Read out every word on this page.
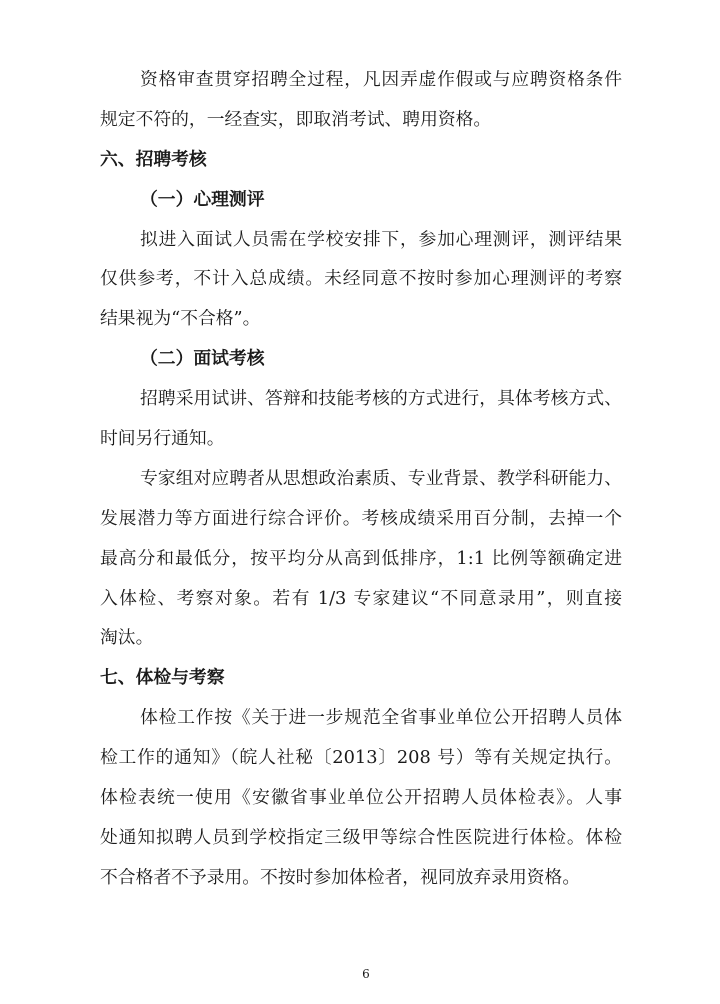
资格审查贯穿招聘全过程，凡因弄虚作假或与应聘资格条件
规定不符的，一经查实，即取消考试、聘用资格。
六、招聘考核
（一）心理测评
拟进入面试人员需在学校安排下，参加心理测评，测评结果
仅供参考，不计入总成绩。未经同意不按时参加心理测评的考察
结果视为“不合格”。
（二）面试考核
招聘采用试讲、答辩和技能考核的方式进行，具体考核方式、
时间另行通知。
专家组对应聘者从思想政治素质、专业背景、教学科研能力、
发展潜力等方面进行综合评价。考核成绩采用百分制，去掉一个
最高分和最低分，按平均分从高到低排序，1:1 比例等额确定进
入体检、考察对象。若有 1/3 专家建议“不同意录用”，则直接
淘汰。
七、体检与考察
体检工作按《关于进一步规范全省事业单位公开招聘人员体
检工作的通知》（皖人社秘〔2013〕208 号）等有关规定执行。
体检表统一使用《安徽省事业单位公开招聘人员体检表》。人事
处通知拟聘人员到学校指定三级甲等综合性医院进行体检。体检
不合格者不予录用。不按时参加体检者，视同放弃录用资格。
6
